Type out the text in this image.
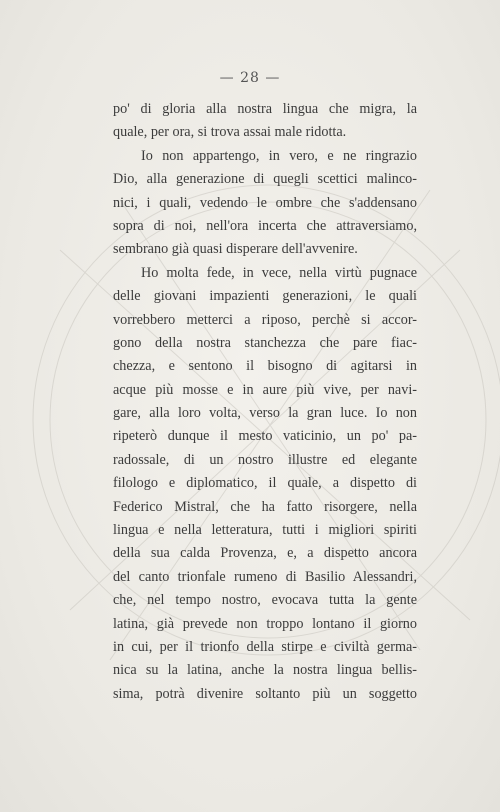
— 28 —
po' di gloria alla nostra lingua che migra, la
quale, per ora, si trova assai male ridotta.
Io non appartengo, in vero, e ne ringrazio
Dio, alla generazione di quegli scettici malinco-
nici, i quali, vedendo le ombre che s'addensano
sopra di noi, nell'ora incerta che attraversiamo,
sembrano già quasi disperare dell'avvenire.
Ho molta fede, in vece, nella virtù pugnace
delle giovani impazienti generazioni, le quali
vorrebbero metterci a riposo, perchè si accor-
gono della nostra stanchezza che pare fiac-
chezza, e sentono il bisogno di agitarsi in
acque più mosse e in aure più vive, per navi-
gare, alla loro volta, verso la gran luce. Io non
ripeterò dunque il mesto vaticinio, un po' pa-
radossale, di un nostro illustre ed elegante
filologo e diplomatico, il quale, a dispetto di
Federico Mistral, che ha fatto risorgere, nella
lingua e nella letteratura, tutti i migliori spiriti
della sua calda Provenza, e, a dispetto ancora
del canto trionfale rumeno di Basilio Alessandri,
che, nel tempo nostro, evocava tutta la gente
latina, già prevede non troppo lontano il giorno
in cui, per il trionfo della stirpe e civiltà germa-
nica su la latina, anche la nostra lingua bellis-
sima, potrà divenire soltanto più un soggetto
